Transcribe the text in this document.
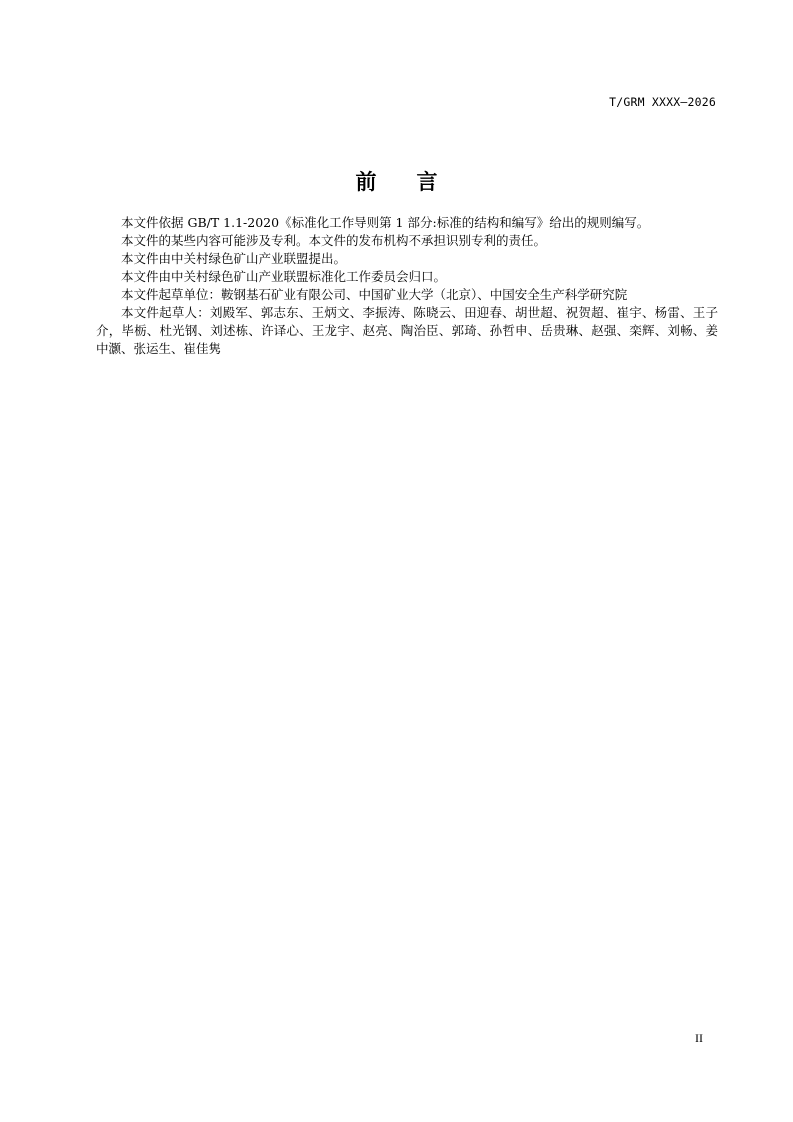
T/GRM XXXX—2026
前 言

本文件依据 GB/T 1.1-2020《标准化工作导则第 1 部分:标准的结构和编写》给出的规则编写。

本文件的某些内容可能涉及专利。本文件的发布机构不承担识别专利的责任。

本文件由中关村绿色矿山产业联盟提出。

本文件由中关村绿色矿山产业联盟标准化工作委员会归口。

本文件起草单位：鞍钢基石矿业有限公司、中国矿业大学（北京）、中国安全生产科学研究院

本文件起草人：刘殿军、郭志东、王炳文、李振涛、陈晓云、田迎春、胡世超、祝贺超、崔宇、杨雷、王子介，毕栃、杜光钢、刘述栋、许译心、王龙宇、赵亮、陶治臣、郭琦、孙哲申、岳贵琳、赵强、栾辉、刘畅、姜中灏、张运生、崔佳隽

II
